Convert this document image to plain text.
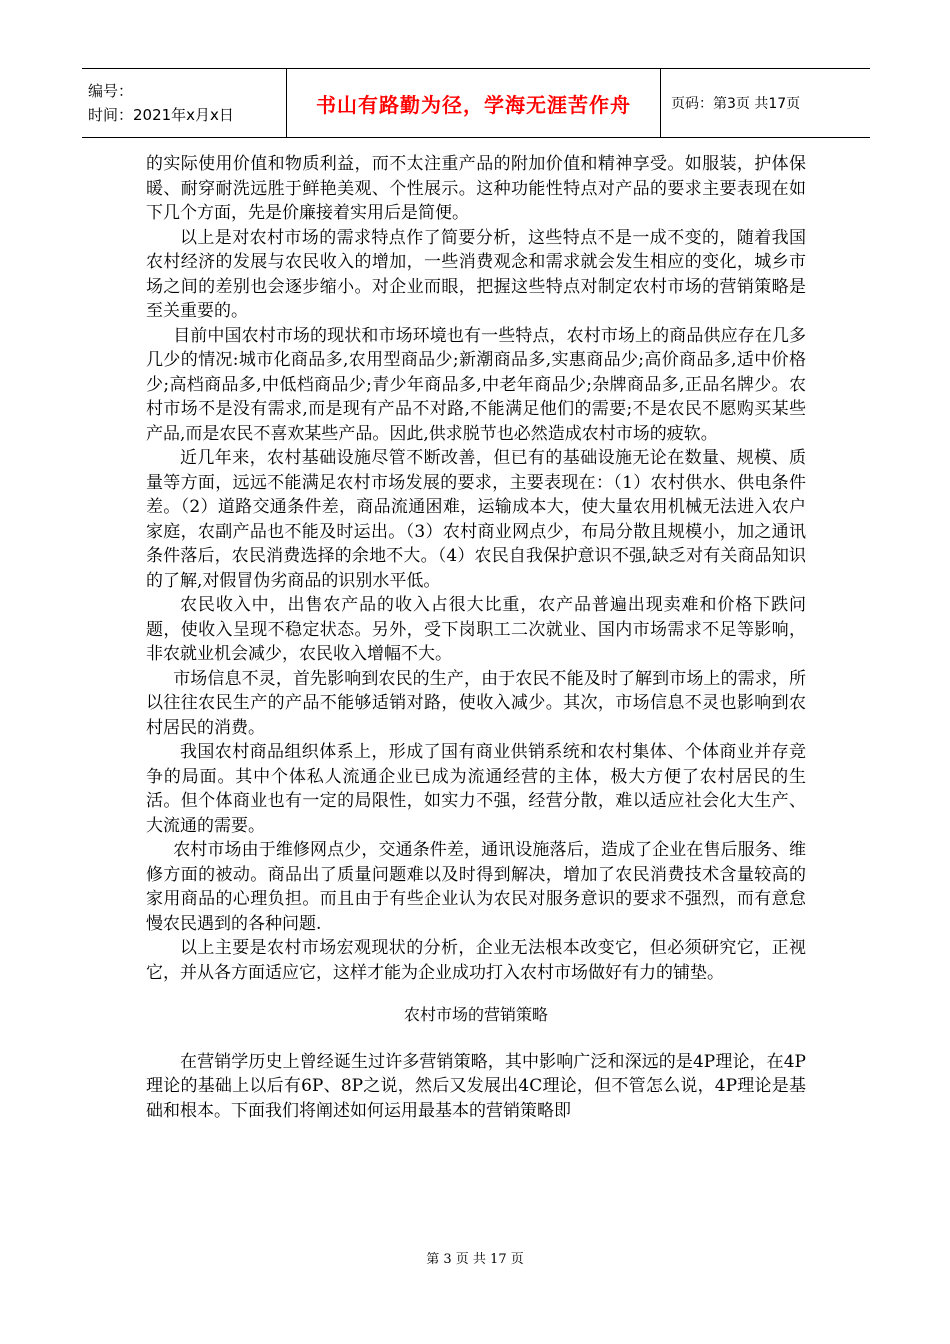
编号：
时间：2021年x月x日	书山有路勤为径，学海无涯苦作舟	页码：第3页 共17页

的实际使用价值和物质利益，而不太注重产品的附加价值和精神享受。如服装，护体保暖、耐穿耐洗远胜于鲜艳美观、个性展示。这种功能性特点对产品的要求主要表现在如下几个方面，先是价廉接着实用后是简便。

以上是对农村市场的需求特点作了简要分析，这些特点不是一成不变的，随着我国农村经济的发展与农民收入的增加，一些消费观念和需求就会发生相应的变化，城乡市场之间的差别也会逐步缩小。对企业而眼，把握这些特点对制定农村市场的营销策略是至关重要的。

目前中国农村市场的现状和市场环境也有一些特点，农村市场上的商品供应存在几多几少的情况:城市化商品多,农用型商品少;新潮商品多,实惠商品少;高价商品多,适中价格少;高档商品多,中低档商品少;青少年商品多,中老年商品少;杂牌商品多,正品名牌少。农村市场不是没有需求,而是现有产品不对路,不能满足他们的需要;不是农民不愿购买某些产品,而是农民不喜欢某些产品。因此,供求脱节也必然造成农村市场的疲软。

近几年来，农村基础设施尽管不断改善，但已有的基础设施无论在数量、规模、质量等方面，远远不能满足农村市场发展的要求，主要表现在：（1）农村供水、供电条件差。（2）道路交通条件差，商品流通困难，运输成本大，使大量农用机械无法进入农户家庭，农副产品也不能及时运出。（3）农村商业网点少，布局分散且规模小，加之通讯条件落后，农民消费选择的余地不大。（4）农民自我保护意识不强,缺乏对有关商品知识的了解,对假冒伪劣商品的识别水平低。

农民收入中，出售农产品的收入占很大比重，农产品普遍出现卖难和价格下跌问题，使收入呈现不稳定状态。另外，受下岗职工二次就业、国内市场需求不足等影响，非农就业机会减少，农民收入增幅不大。

市场信息不灵，首先影响到农民的生产，由于农民不能及时了解到市场上的需求，所以往往农民生产的产品不能够适销对路，使收入减少。其次，市场信息不灵也影响到农村居民的消费。

我国农村商品组织体系上，形成了国有商业供销系统和农村集体、个体商业并存竞争的局面。其中个体私人流通企业已成为流通经营的主体，极大方便了农村居民的生活。但个体商业也有一定的局限性，如实力不强，经营分散，难以适应社会化大生产、大流通的需要。

农村市场由于维修网点少，交通条件差，通讯设施落后，造成了企业在售后服务、维修方面的被动。商品出了质量问题难以及时得到解决，增加了农民消费技术含量较高的家用商品的心理负担。而且由于有些企业认为农民对服务意识的要求不强烈，而有意怠慢农民遇到的各种问题.

以上主要是农村市场宏观现状的分析，企业无法根本改变它，但必须研究它，正视它，并从各方面适应它，这样才能为企业成功打入农村市场做好有力的铺垫。

农村市场的营销策略

在营销学历史上曾经诞生过许多营销策略，其中影响广泛和深远的是4P理论，在4P理论的基础上以后有6P、8P之说，然后又发展出4C理论，但不管怎么说，4P理论是基础和根本。下面我们将阐述如何运用最基本的营销策略即

第 3 页 共 17 页
